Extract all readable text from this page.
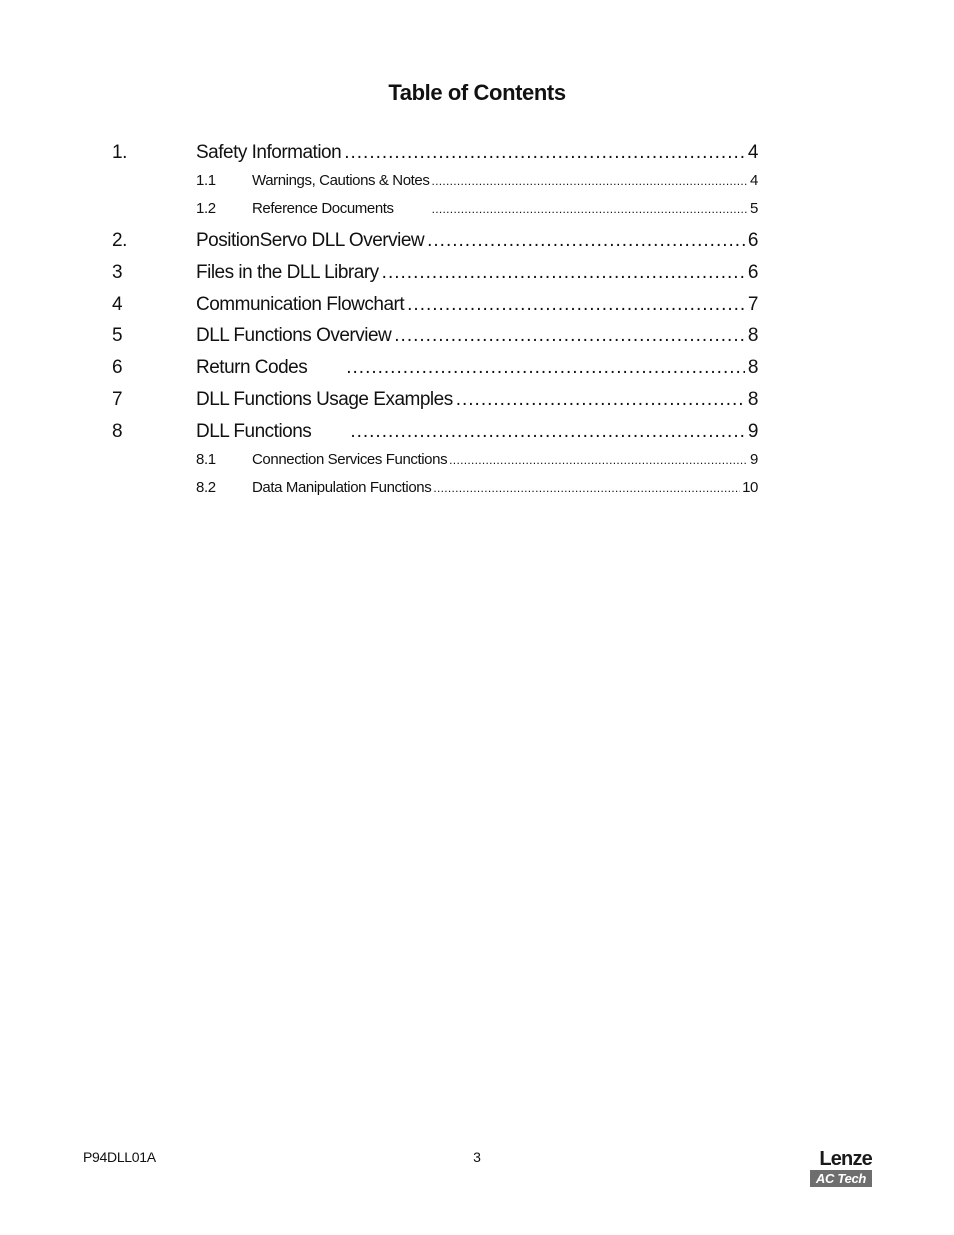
Table of Contents
1.	Safety Information .....	4
1.1	Warnings, Cautions & Notes .....	4
1.2	Reference Documents .....	5
2.	PositionServo DLL Overview .....	6
3	Files in the DLL Library .....	6
4	Communication Flowchart .....	7
5	DLL Functions Overview .....	8
6	Return Codes .....	8
7	DLL Functions Usage Examples .....	8
8	DLL Functions .....	9
8.1	Connection Services Functions .....	9
8.2	Data Manipulation Functions .....	10
P94DLL01A	3	Lenze
AC Tech
